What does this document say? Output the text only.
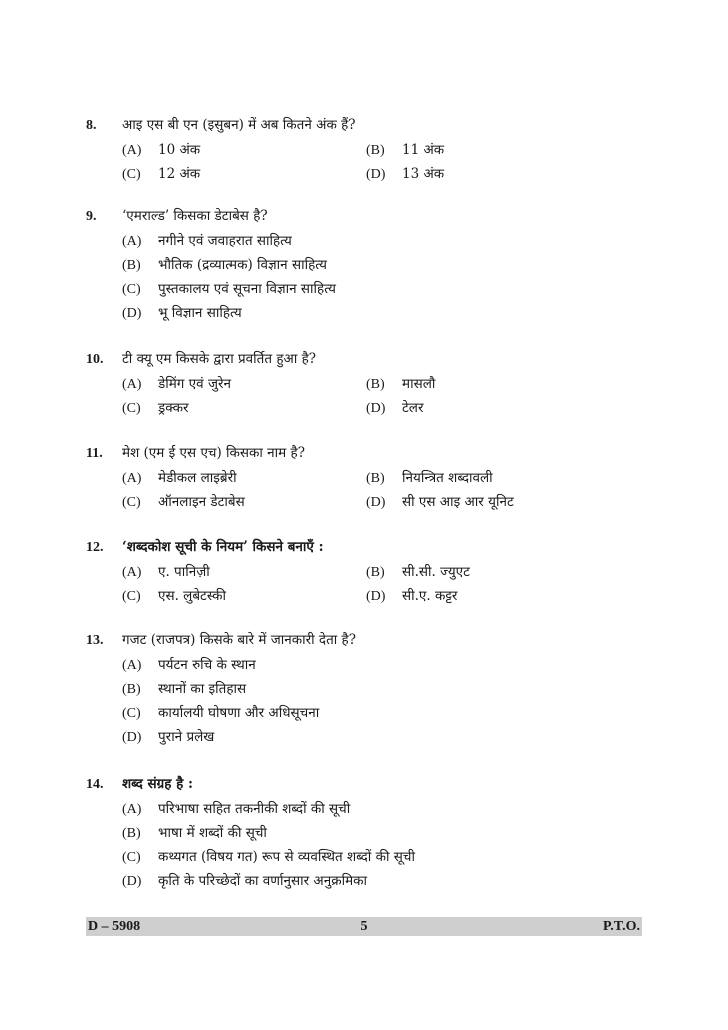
8. आइ एस बी एन (इसुबन) में अब कितने अंक हैं?
(A) 10 अंक	(B) 11 अंक
(C) 12 अंक	(D) 13 अंक
9. ‘एमराल्ड’ किसका डेटाबेस है?
(A) नगीने एवं जवाहरात साहित्य
(B) भौतिक (द्रव्यात्मक) विज्ञान साहित्य
(C) पुस्तकालय एवं सूचना विज्ञान साहित्य
(D) भू विज्ञान साहित्य
10. टी क्यू एम किसके द्वारा प्रवर्तित हुआ है?
(A) डेमिंग एवं जुरेन	(B) मासलौ
(C) ड्रक्कर	(D) टेलर
11. मेश (एम ई एस एच) किसका नाम है?
(A) मेडीकल लाइब्रेरी	(B) नियन्त्रित शब्दावली
(C) ऑनलाइन डेटाबेस	(D) सी एस आइ आर यूनिट
12. ‘शब्दकोश सूची के नियम’ किसने बनाएँ :
(A) ए. पानिज़ी	(B) सी.सी. ज्युएट
(C) एस. लुबेटस्की	(D) सी.ए. कट्टर
13. गजट (राजपत्र) किसके बारे में जानकारी देता है?
(A) पर्यटन रुचि के स्थान
(B) स्थानों का इतिहास
(C) कार्यालयी घोषणा और अधिसूचना
(D) पुराने प्रलेख
14. शब्द संग्रह है :
(A) परिभाषा सहित तकनीकी शब्दों की सूची
(B) भाषा में शब्दों की सूची
(C) कथ्यगत (विषय गत) रूप से व्यवस्थित शब्दों की सूची
(D) कृति के परिच्छेदों का वर्णानुसार अनुक्रमिका
D – 5908	5	P.T.O.
